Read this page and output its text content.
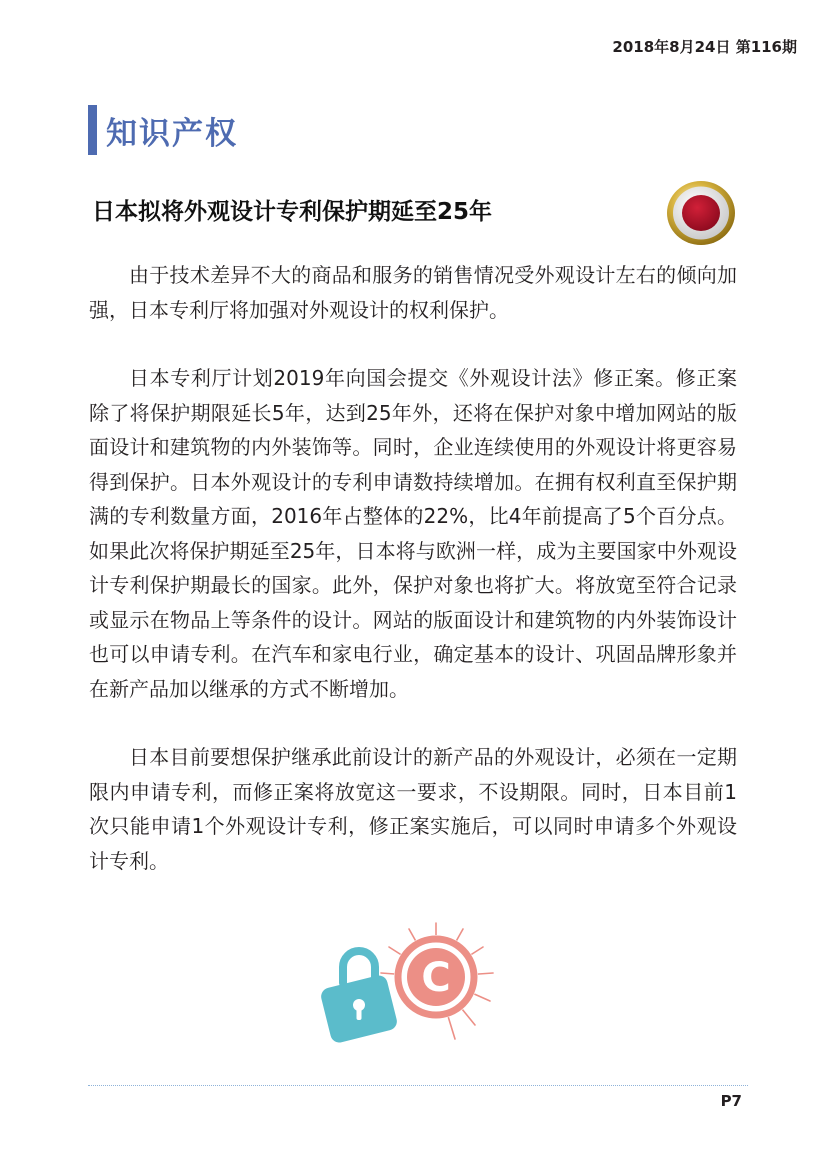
2018年8月24日 第116期
知识产权
日本拟将外观设计专利保护期延至25年

由于技术差异不大的商品和服务的销售情况受外观设计左右的倾向加强，日本专利厅将加强对外观设计的权利保护。

日本专利厅计划2019年向国会提交《外观设计法》修正案。修正案除了将保护期限延长5年，达到25年外，还将在保护对象中增加网站的版面设计和建筑物的内外装饰等。同时，企业连续使用的外观设计将更容易得到保护。日本外观设计的专利申请数持续增加。在拥有权利直至保护期满的专利数量方面，2016年占整体的22%，比4年前提高了5个百分点。如果此次将保护期延至25年，日本将与欧洲一样，成为主要国家中外观设计专利保护期最长的国家。此外，保护对象也将扩大。将放宽至符合记录或显示在物品上等条件的设计。网站的版面设计和建筑物的内外装饰设计也可以申请专利。在汽车和家电行业，确定基本的设计、巩固品牌形象并在新产品加以继承的方式不断增加。

日本目前要想保护继承此前设计的新产品的外观设计，必须在一定期限内申请专利，而修正案将放宽这一要求，不设期限。同时，日本目前1次只能申请1个外观设计专利，修正案实施后，可以同时申请多个外观设计专利。

C
P7
